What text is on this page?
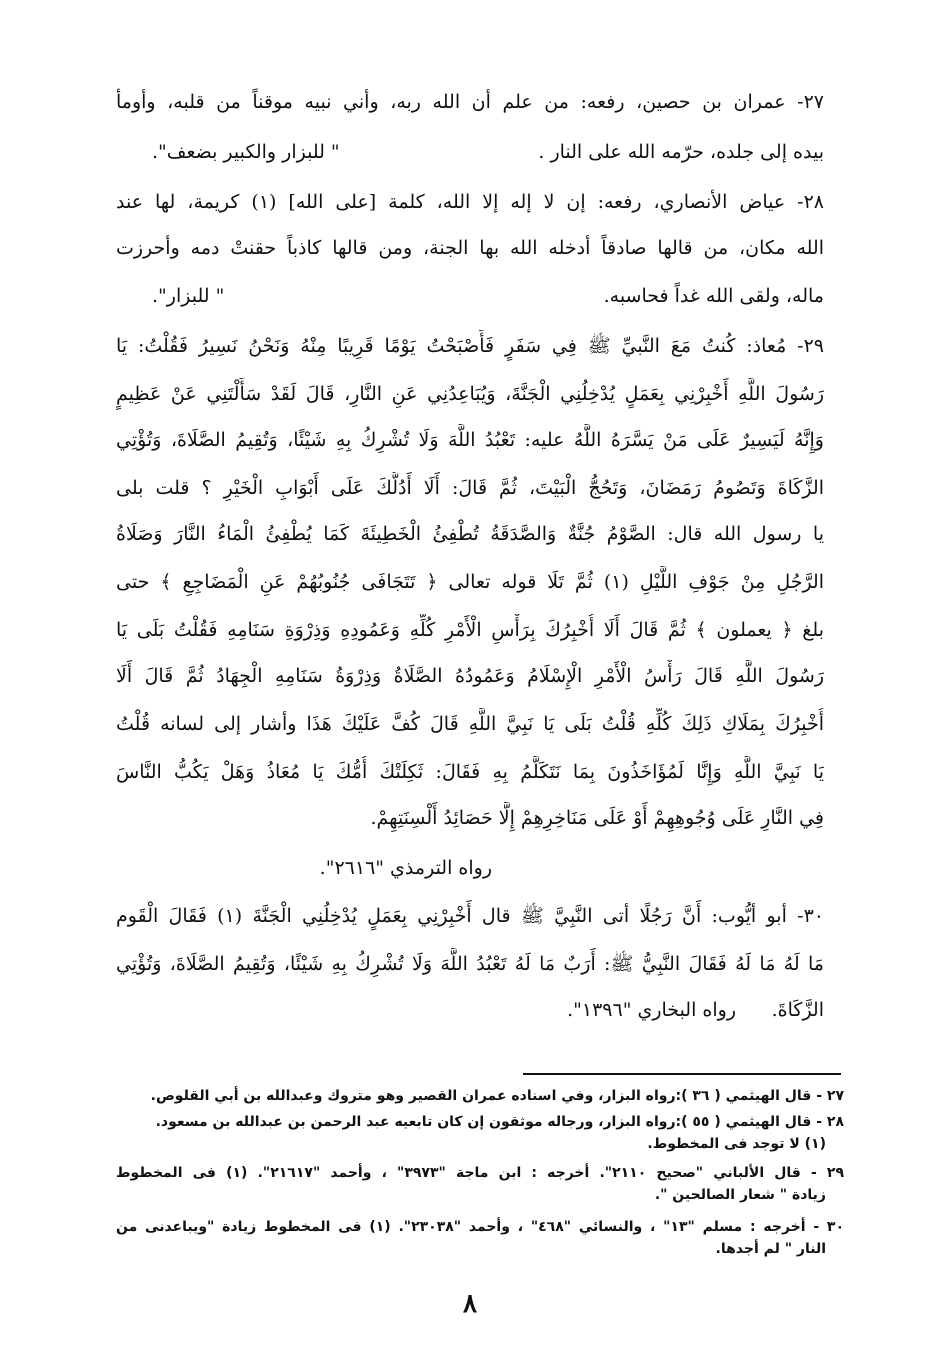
٢٧- عمران بن حصين، رفعه: من علم أن الله ربه، وأني نبيه موقناً من قلبه، وأومأ
بيده إلى جلده، حرّمه الله على النار .
" للبزار والكبير بضعف".
٢٨- عياض الأنصاري، رفعه: إن لا إله إلا الله، كلمة [على الله] (١) كريمة، لها عند
الله مكان، من قالها صادقاً أدخله الله بها الجنة، ومن قالها كاذباً حقنتْ دمه وأحرزت
ماله، ولقى الله غداً فحاسبه.
" للبزار".
٢٩- مُعاذ: كُنتُ مَعَ النَّبيِّ ﷺ فِي سَفَرٍ فَأَصْبَحْتُ يَوْمًا قَرِيبًا مِنْهُ وَنَحْنُ نَسِيرُ فَقُلْتُ: يَا
رَسُولَ اللَّهِ أَخْبِرْنِي بِعَمَلٍ يُدْخِلُنِي الْجَنَّةَ، وَيُبَاعِدُنِي عَنِ النَّارِ، قَالَ لَقَدْ سَأَلْتَنِي عَنْ عَظِيمٍ
وَإِنَّهُ لَيَسِيرٌ عَلَى مَنْ يَسَّرَهُ اللَّهُ عليه: تَعْبُدُ اللَّهَ وَلَا تُشْرِكُ بِهِ شَيْئًا، وَتُقِيمُ الصَّلَاةَ، وَتُؤْتِي
الزَّكَاةَ وَتَصُومُ رَمَضَانَ، وَتَحُجُّ الْبَيْتَ، ثُمَّ قَالَ: أَلَا أَدُلُّكَ عَلَى أَبْوَابِ الْخَيْرِ ؟ قلت بلى
يا رسول الله قال: الصَّوْمُ جُنَّةٌ وَالصَّدَقَةُ تُطْفِئُ الْخَطِيئَةَ كَمَا يُطْفِئُ الْمَاءُ النَّارَ وَصَلَاةُ
الرَّجُلِ مِنْ جَوْفِ اللَّيْلِ (١) ثُمَّ تَلَا قوله تعالى ﴿ تَتَجَافَى جُنُوبُهُمْ عَنِ الْمَضَاجِعِ ﴾ حتى
بلغ ﴿ يعملون ﴾ ثُمَّ قَالَ أَلَا أُخْبِرُكَ بِرَأْسِ الْأَمْرِ كُلِّهِ وَعَمُودِهِ وَذِرْوَةِ سَنَامِهِ فَقُلْتُ بَلَى يَا
رَسُولَ اللَّهِ قَالَ رَأْسُ الْأَمْرِ الْإِسْلَامُ وَعَمُودُهُ الصَّلَاةُ وَذِرْوَةُ سَنَامِهِ الْجِهَادُ ثُمَّ قَالَ أَلَا
أُخْبِرُكَ بِمَلَاكِ ذَلِكَ كُلِّهِ قُلْتُ بَلَى يَا نَبِيَّ اللَّهِ قَالَ كُفَّ عَلَيْكَ هَذَا وأشار إلى لسانه قُلْتُ
يَا نَبِيَّ اللَّهِ وَإِنَّا لَمُؤَاخَذُونَ بِمَا نَتَكَلَّمُ بِهِ فَقَالَ: ثَكِلَتْكَ أُمُّكَ يَا مُعَاذُ وَهَلْ يَكُبُّ النَّاسَ
فِي النَّارِ عَلَى وُجُوهِهِمْ أَوْ عَلَى مَنَاخِرِهِمْ إِلَّا حَصَائِدُ أَلْسِنَتِهِمْ.
رواه الترمذي "٢٦١٦".
٣٠- أبو أيُّوب: أَنَّ رَجُلًا أتى النَّبِيَّ ﷺ قال أَخْبِرْنِي بِعَمَلٍ يُدْخِلُنِي الْجَنَّةَ (١) فَقَالَ الْقَوم
مَا لَهُ مَا لَهُ فَقَالَ النَّبِيُّ ﷺ: أَرَبٌ مَا لَهُ تَعْبُدُ اللَّهَ وَلَا تُشْرِكُ بِهِ شَيْئًا، وَتُقِيمُ الصَّلَاةَ، وَتُؤْتِي
الزَّكَاةَ.
رواه البخاري "١٣٩٦".
٢٧ - قال الهيثمي ( ٣٦ ):رواه البزار، وفي اسناده عمران القصير وهو متروك وعبدالله بن أبي القلوص.
٢٨ - قال الهيثمي ( ٥٥ ):رواه البزار، ورجاله موثقون إن كان تابعيه عبد الرحمن بن عبدالله بن مسعود.
(١) لا توجد فى المخطوط.
٢٩ - قال الألباني "صحيح ٢١١٠". أخرجه : ابن ماجة "٣٩٧٣" ، وأحمد "٢١٦١٧". (١) فى المخطوط
زيادة " شعار الصالحين ".
٣٠ - أخرجه : مسلم "١٣" ، والنسائي "٤٦٨" ، وأحمد "٢٣٠٣٨". (١) فى المخطوط زيادة "ويباعدنى من
النار " لم أجدها.
٨
